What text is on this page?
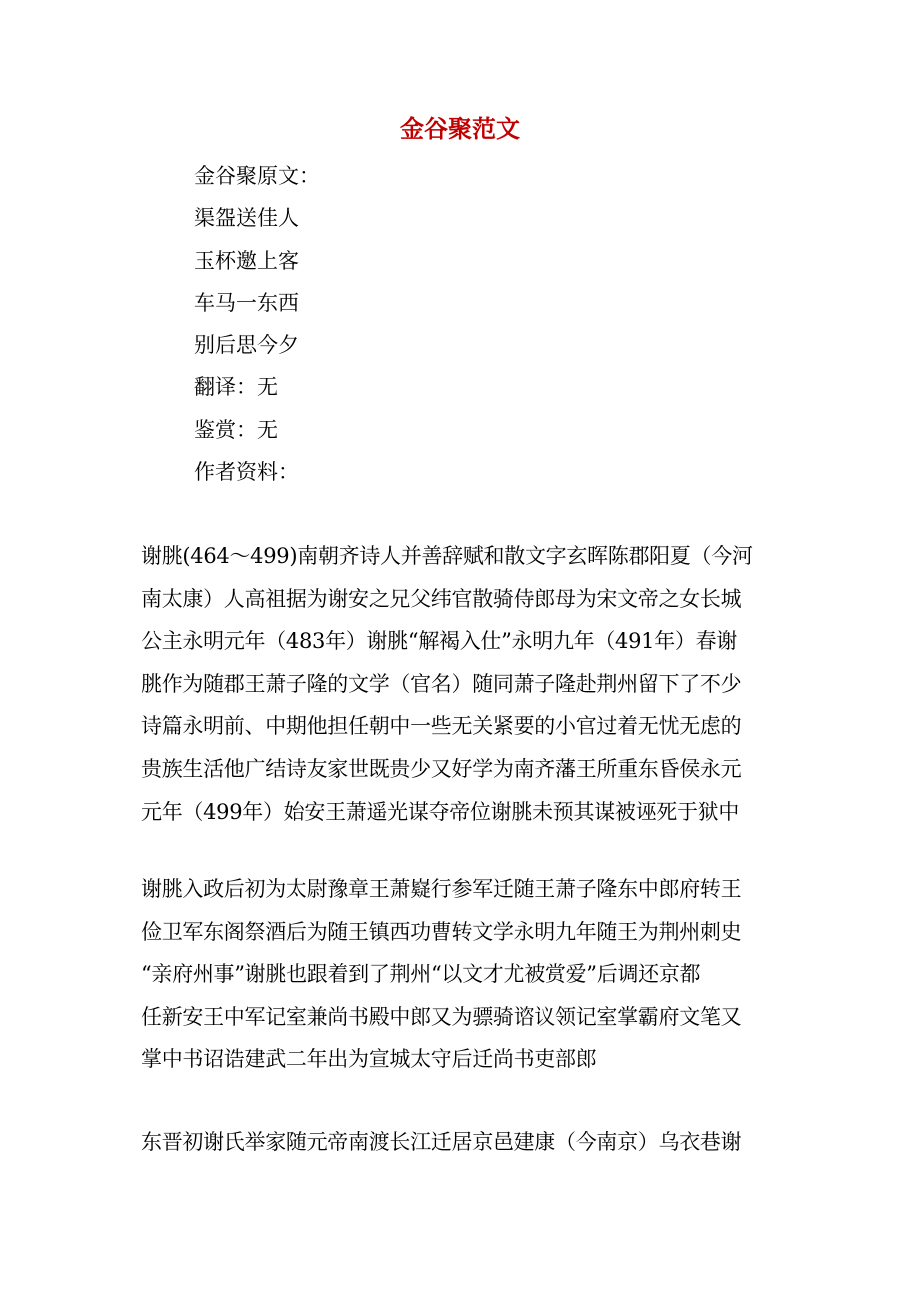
金谷聚范文
金谷聚原文：
渠盌送佳人
玉杯邀上客
车马一东西
别后思今夕
翻译：无
鉴赏：无
作者资料：

谢朓(464～499)南朝齐诗人并善辞赋和散文字玄晖陈郡阳夏（今河
南太康）人高祖据为谢安之兄父纬官散骑侍郎母为宋文帝之女长城
公主永明元年（483年）谢朓“解褐入仕”永明九年（491年）春谢
朓作为随郡王萧子隆的文学（官名）随同萧子隆赴荆州留下了不少
诗篇永明前、中期他担任朝中一些无关紧要的小官过着无忧无虑的
贵族生活他广结诗友家世既贵少又好学为南齐藩王所重东昏侯永元
元年（499年）始安王萧遥光谋夺帝位谢朓未预其谋被诬死于狱中

谢朓入政后初为太尉豫章王萧嶷行参军迁随王萧子隆东中郎府转王
俭卫军东阁祭酒后为随王镇西功曹转文学永明九年随王为荆州刺史
“亲府州事”谢朓也跟着到了荆州“以文才尤被赏爱”后调还京都
任新安王中军记室兼尚书殿中郎又为骠骑谘议领记室掌霸府文笔又
掌中书诏诰建武二年出为宣城太守后迁尚书吏部郎

东晋初谢氏举家随元帝南渡长江迁居京邑建康（今南京）乌衣巷谢
